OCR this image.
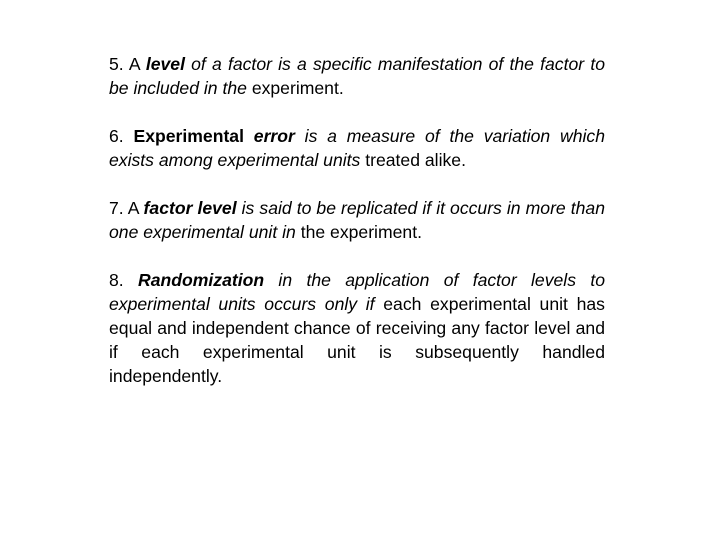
5. A level of a factor is a specific manifestation of the factor to be included in the experiment.

6. Experimental error is a measure of the variation which exists among experimental units treated alike.

7. A factor level is said to be replicated if it occurs in more than one experimental unit in the experiment.

8. Randomization in the application of factor levels to experimental units occurs only if each experimental unit has equal and independent chance of receiving any factor level and if each experimental unit is subsequently handled independently.
